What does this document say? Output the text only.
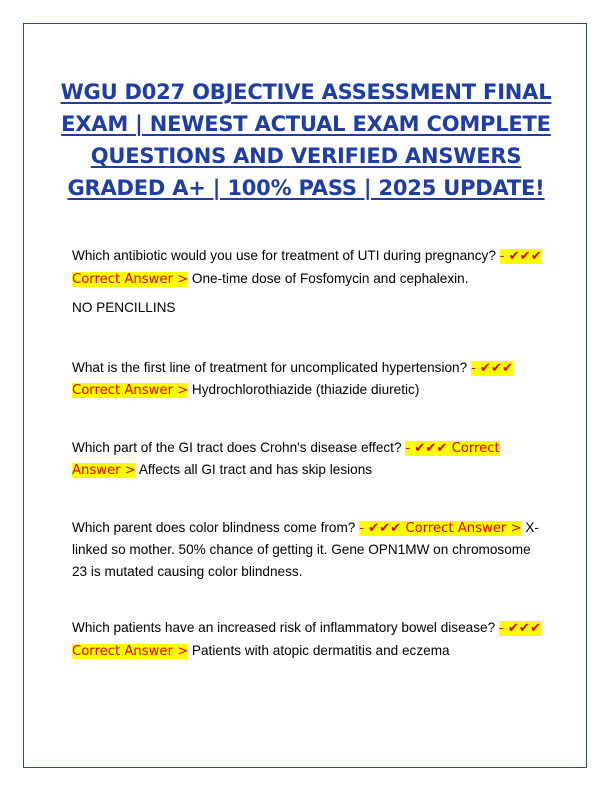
WGU D027 OBJECTIVE ASSESSMENT FINAL EXAM | NEWEST ACTUAL EXAM COMPLETE QUESTIONS AND VERIFIED ANSWERS GRADED A+ | 100% PASS | 2025 UPDATE!

Which antibiotic would you use for treatment of UTI during pregnancy? - ✔✔✔ Correct Answer > One-time dose of Fosfomycin and cephalexin.

NO PENCILLINS

What is the first line of treatment for uncomplicated hypertension? - ✔✔✔ Correct Answer > Hydrochlorothiazide (thiazide diuretic)

Which part of the GI tract does Crohn's disease effect? - ✔✔✔ Correct Answer > Affects all GI tract and has skip lesions

Which parent does color blindness come from? - ✔✔✔ Correct Answer > X-linked so mother. 50% chance of getting it. Gene OPN1MW on chromosome 23 is mutated causing color blindness.

Which patients have an increased risk of inflammatory bowel disease? - ✔✔✔ Correct Answer > Patients with atopic dermatitis and eczema
